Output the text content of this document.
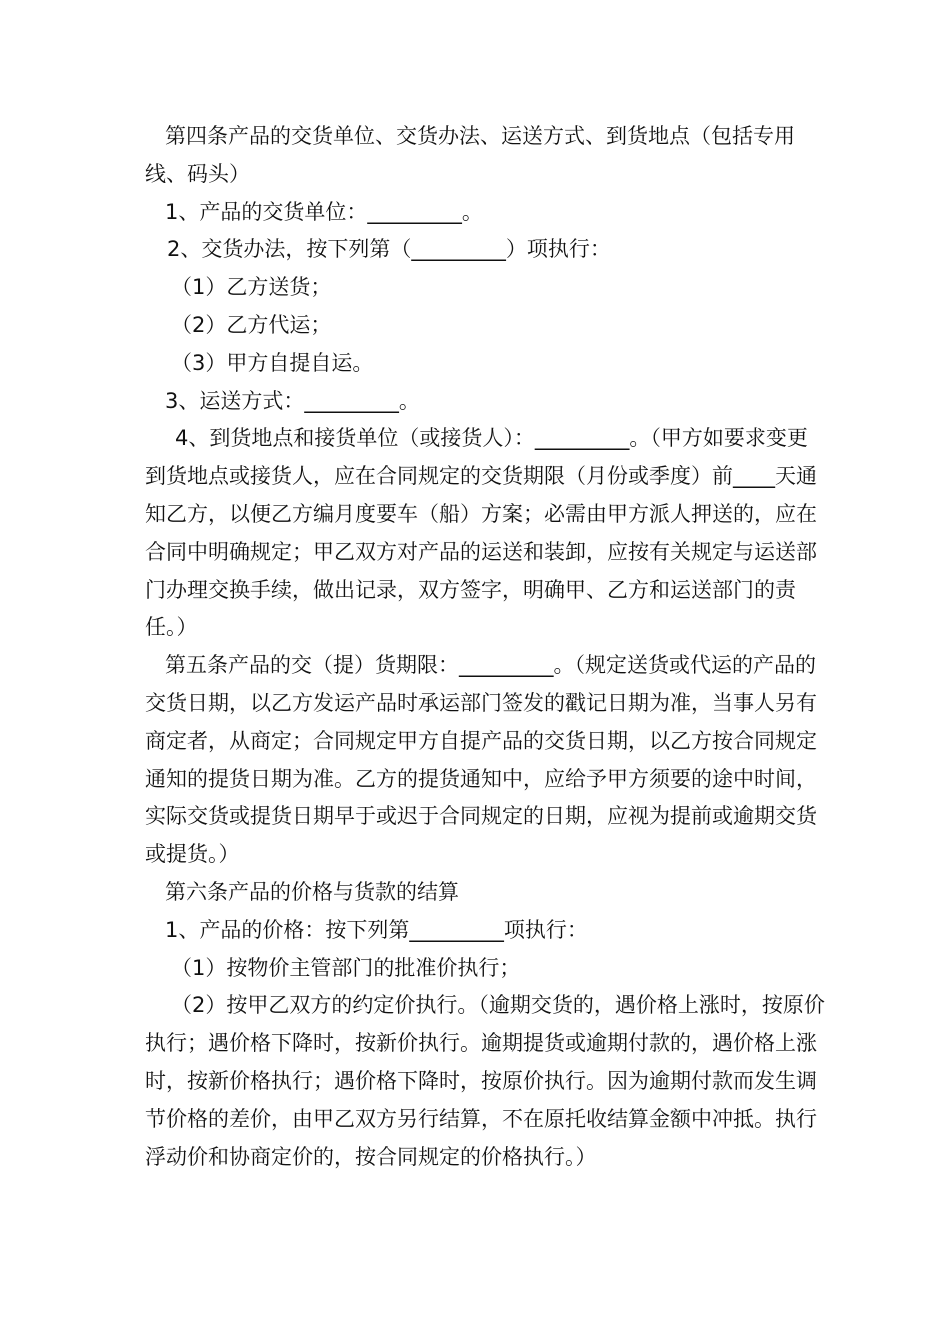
第四条产品的交货单位、交货办法、运送方式、到货地点（包括专用线、码头）

1、产品的交货单位：_________。

2、交货办法，按下列第（_________）项执行：

（1）乙方送货；

（2）乙方代运；

（3）甲方自提自运。

3、运送方式：_________。

4、到货地点和接货单位（或接货人）：_________。（甲方如要求变更到货地点或接货人，应在合同规定的交货期限（月份或季度）前____天通知乙方，以便乙方编月度要车（船）方案；必需由甲方派人押送的，应在合同中明确规定；甲乙双方对产品的运送和装卸，应按有关规定与运送部门办理交换手续，做出记录，双方签字，明确甲、乙方和运送部门的责任。）

第五条产品的交（提）货期限：_________。（规定送货或代运的产品的交货日期，以乙方发运产品时承运部门签发的戳记日期为准，当事人另有商定者，从商定；合同规定甲方自提产品的交货日期，以乙方按合同规定通知的提货日期为准。乙方的提货通知中，应给予甲方须要的途中时间，实际交货或提货日期早于或迟于合同规定的日期，应视为提前或逾期交货或提货。）

第六条产品的价格与货款的结算

1、产品的价格：按下列第_________项执行：

（1）按物价主管部门的批准价执行；

（2）按甲乙双方的约定价执行。（逾期交货的，遇价格上涨时，按原价执行；遇价格下降时，按新价执行。逾期提货或逾期付款的，遇价格上涨时，按新价格执行；遇价格下降时，按原价执行。因为逾期付款而发生调节价格的差价，由甲乙双方另行结算，不在原托收结算金额中冲抵。执行浮动价和协商定价的，按合同规定的价格执行。）
